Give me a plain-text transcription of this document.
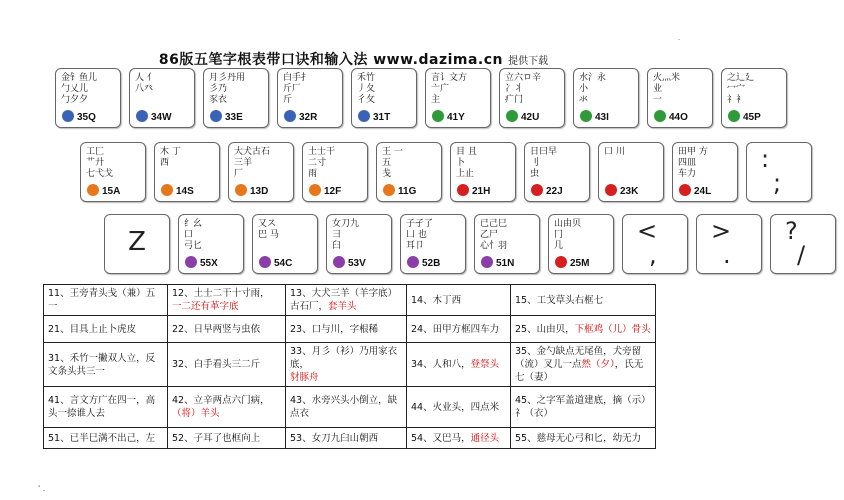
-
86版五笔字根表带口诀和输入法 www.dazima.cn 提供下载
金钅鱼儿
勹乂儿
勹夕夕
35Q
人 亻
八癶
34W
月彡丹用
彡乃
豕衣
33E
白手扌
斤厂
斤
32R
禾竹
丿夂
彳攵
31T
言讠文方
亠广
主
41Y
立六ロ辛
冫丬
疒门
42U
水氵永
小
氺
43I
火灬米
业
一
44O
之辶廴
冖宀
礻衤
45P
工匚
艹廾
七弋戈
15A
木 丁
西
14S
大犬古石
三羊
厂
13D
土士干
二寸
雨
12F
王 一
五
戋
11G
目 且
卜
上止
21H
日曰早
刂
虫
22J
口 川
23K
田甲 方
四皿
车力
24L
:
;
Z
纟幺
口
弓匕
55X
又ス
巴 马
54C
女刀九
彐
臼
53V
子孑了
凵 也
耳卩
52B
已己巳
乙尸
心忄羽
51N
山由贝
冂
几
25M
<
,
>
.
?
/
11、王旁青头戋（兼）五一	12、土士二干十寸雨，
一二还有革字底	13、大犬三羊（羊字底）古石厂，套羊头	14、木丁西	15、工戈草头右框七
21、目具上止卜虎皮	22、日早两竖与虫依	23、口与川，字根稀	24、田甲方框四车力	25、山由贝，下框鸡（儿）骨头
31、禾竹一撇双人立，反文条头共三一	32、白手看头三二斤	33、月彡（衫）乃用家衣底，
豺豚舟	34、人和八，登祭头	35、金勺缺点无尾鱼，犬旁留（流）叉儿一点然（夕），氏无七（妻）
41、言文方广在四一，高头一捺谁人去	42、立辛两点六门病，
（将）羊头	43、水旁兴头小倒立，缺点衣	44、火业头，四点米	45、之字军盖道建底，摘（示）
礻（衣）
51、已半巳满不出己，左	52、子耳了也框向上	53、女刀九臼山朝西	54、又巴马，通径头	55、慈母无心弓和匕，幼无力
' .
